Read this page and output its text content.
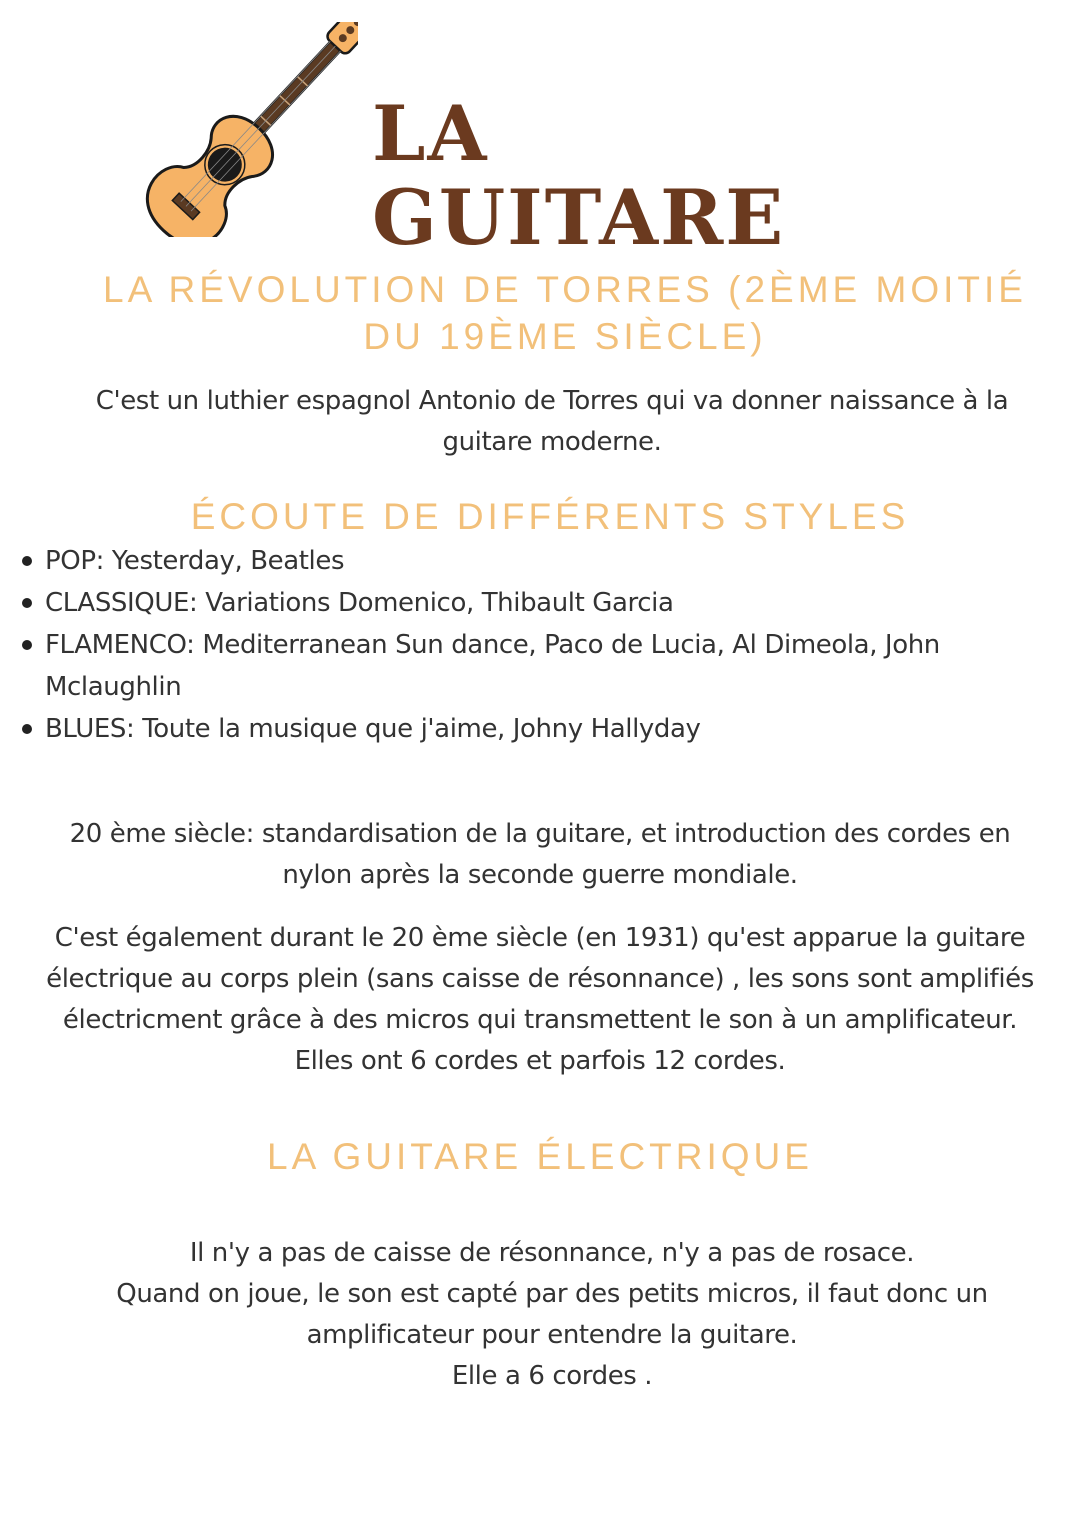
LA GUITARE
LA RÉVOLUTION DE TORRES (2ÈME MOITIÉ DU 19ÈME SIÈCLE)

C'est un luthier espagnol Antonio de Torres qui va donner naissance à la guitare moderne.

ÉCOUTE DE DIFFÉRENTS STYLES
POP: Yesterday, Beatles
CLASSIQUE: Variations Domenico, Thibault Garcia
FLAMENCO: Mediterranean Sun dance, Paco de Lucia, Al Dimeola, John Mclaughlin
BLUES: Toute la musique que j'aime, Johny Hallyday

20 ème siècle: standardisation de la guitare, et introduction des cordes en nylon après la seconde guerre mondiale.

C'est également durant le 20 ème siècle (en 1931) qu'est apparue la guitare électrique au corps plein (sans caisse de résonnance) , les sons sont amplifiés électricment grâce à des micros qui transmettent le son à un amplificateur. Elles ont 6 cordes et parfois 12 cordes.

LA GUITARE ÉLECTRIQUE
Il n'y a pas de caisse de résonnance, n'y a pas de rosace.
Quand on joue, le son est capté par des petits micros, il faut donc un amplificateur pour entendre la guitare.
Elle a 6 cordes .
